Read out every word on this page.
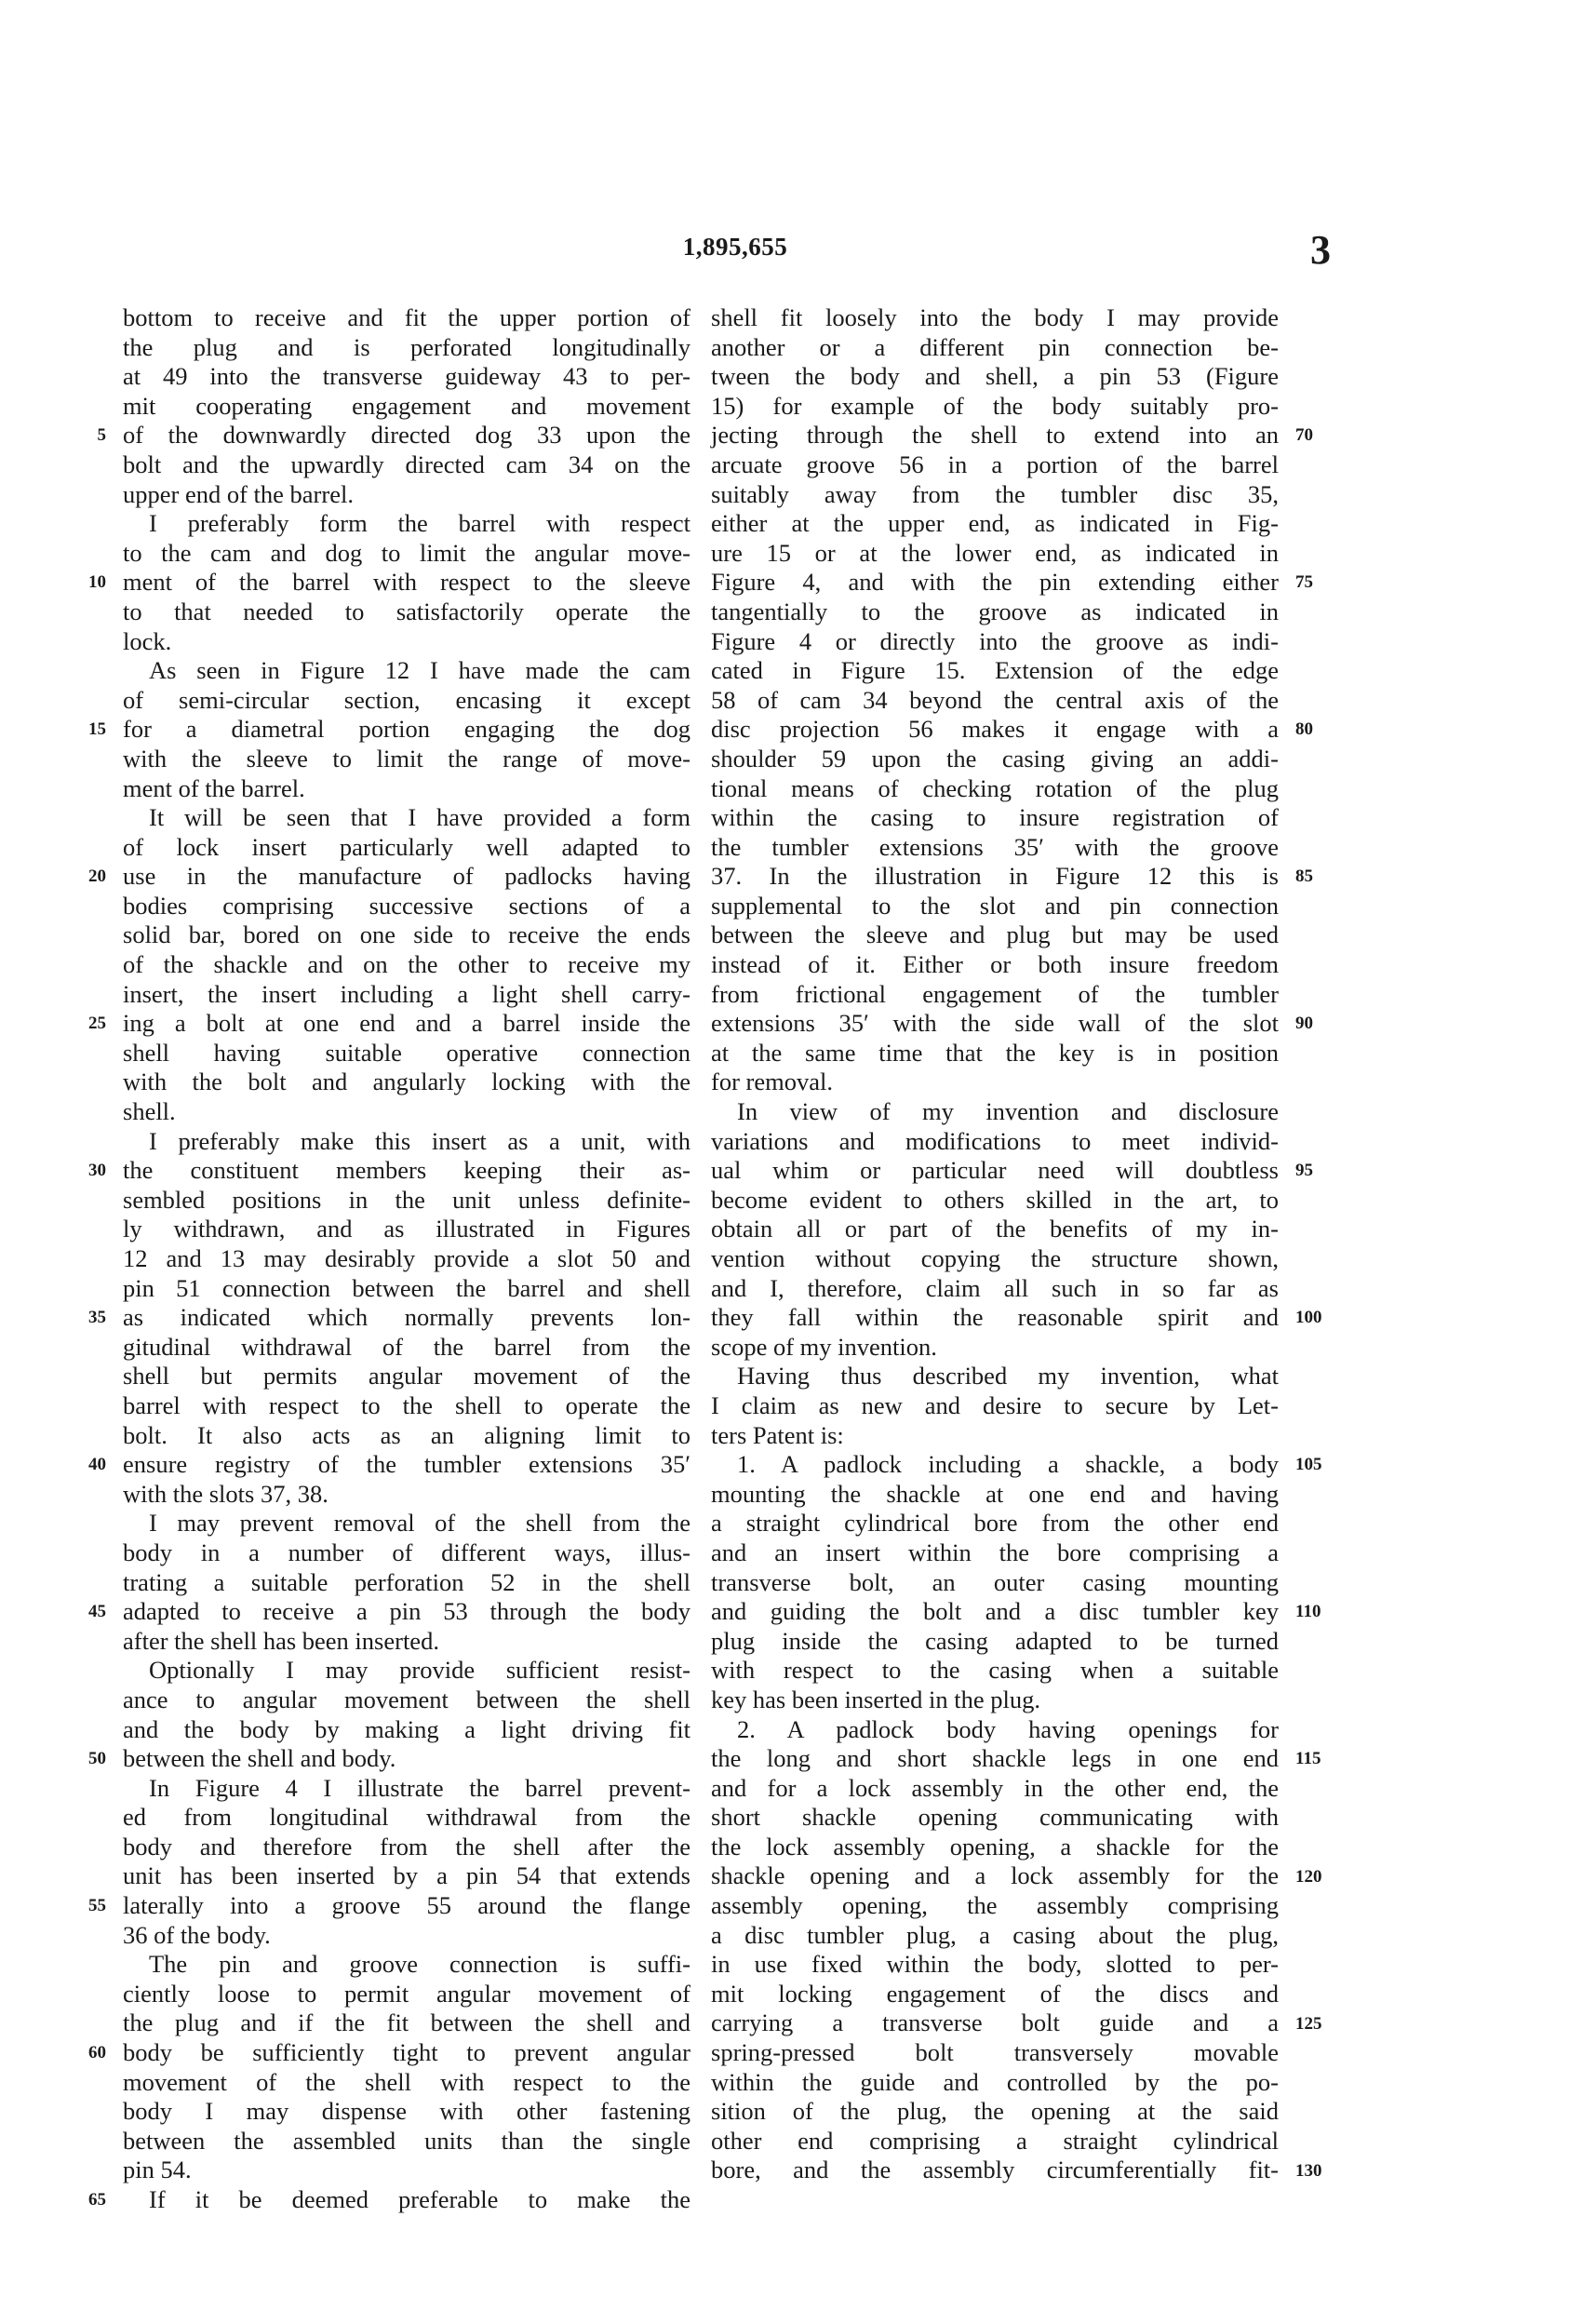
1,895,655	3
bottom to receive and fit the upper portion of
the plug and is perforated longitudinally
at 49 into the transverse guideway 43 to per-
mit cooperating engagement and movement
of the downwardly directed dog 33 upon the
bolt and the upwardly directed cam 34 on the
upper end of the barrel.
I preferably form the barrel with respect
to the cam and dog to limit the angular move-
ment of the barrel with respect to the sleeve
to that needed to satisfactorily operate the
lock.
As seen in Figure 12 I have made the cam
of semi-circular section, encasing it except
for a diametral portion engaging the dog
with the sleeve to limit the range of move-
ment of the barrel.
It will be seen that I have provided a form
of lock insert particularly well adapted to
use in the manufacture of padlocks having
bodies comprising successive sections of a
solid bar, bored on one side to receive the ends
of the shackle and on the other to receive my
insert, the insert including a light shell carry-
ing a bolt at one end and a barrel inside the
shell having suitable operative connection
with the bolt and angularly locking with the
shell.
I preferably make this insert as a unit, with
the constituent members keeping their as-
sembled positions in the unit unless definite-
ly withdrawn, and as illustrated in Figures
12 and 13 may desirably provide a slot 50 and
pin 51 connection between the barrel and shell
as indicated which normally prevents lon-
gitudinal withdrawal of the barrel from the
shell but permits angular movement of the
barrel with respect to the shell to operate the
bolt. It also acts as an aligning limit to
ensure registry of the tumbler extensions 35′
with the slots 37, 38.
I may prevent removal of the shell from the
body in a number of different ways, illus-
trating a suitable perforation 52 in the shell
adapted to receive a pin 53 through the body
after the shell has been inserted.
Optionally I may provide sufficient resist-
ance to angular movement between the shell
and the body by making a light driving fit
between the shell and body.
In Figure 4 I illustrate the barrel prevent-
ed from longitudinal withdrawal from the
body and therefore from the shell after the
unit has been inserted by a pin 54 that extends
laterally into a groove 55 around the flange
36 of the body.
The pin and groove connection is suffi-
ciently loose to permit angular movement of
the plug and if the fit between the shell and
body be sufficiently tight to prevent angular
movement of the shell with respect to the
body I may dispense with other fastening
between the assembled units than the single
pin 54.
If it be deemed preferable to make the
shell fit loosely into the body I may provide
another or a different pin connection be-
tween the body and shell, a pin 53 (Figure
15) for example of the body suitably pro-
jecting through the shell to extend into an
arcuate groove 56 in a portion of the barrel
suitably away from the tumbler disc 35,
either at the upper end, as indicated in Fig-
ure 15 or at the lower end, as indicated in
Figure 4, and with the pin extending either
tangentially to the groove as indicated in
Figure 4 or directly into the groove as indi-
cated in Figure 15. Extension of the edge
58 of cam 34 beyond the central axis of the
disc projection 56 makes it engage with a
shoulder 59 upon the casing giving an addi-
tional means of checking rotation of the plug
within the casing to insure registration of
the tumbler extensions 35′ with the groove
37. In the illustration in Figure 12 this is
supplemental to the slot and pin connection
between the sleeve and plug but may be used
instead of it. Either or both insure freedom
from frictional engagement of the tumbler
extensions 35′ with the side wall of the slot
at the same time that the key is in position
for removal.
In view of my invention and disclosure
variations and modifications to meet individ-
ual whim or particular need will doubtless
become evident to others skilled in the art, to
obtain all or part of the benefits of my in-
vention without copying the structure shown,
and I, therefore, claim all such in so far as
they fall within the reasonable spirit and
scope of my invention.
Having thus described my invention, what
I claim as new and desire to secure by Let-
ters Patent is:
1. A padlock including a shackle, a body
mounting the shackle at one end and having
a straight cylindrical bore from the other end
and an insert within the bore comprising a
transverse bolt, an outer casing mounting
and guiding the bolt and a disc tumbler key
plug inside the casing adapted to be turned
with respect to the casing when a suitable
key has been inserted in the plug.
2. A padlock body having openings for
the long and short shackle legs in one end
and for a lock assembly in the other end, the
short shackle opening communicating with
the lock assembly opening, a shackle for the
shackle opening and a lock assembly for the
assembly opening, the assembly comprising
a disc tumbler plug, a casing about the plug,
in use fixed within the body, slotted to per-
mit locking engagement of the discs and
carrying a transverse bolt guide and a
spring-pressed bolt transversely movable
within the guide and controlled by the po-
sition of the plug, the opening at the said
other end comprising a straight cylindrical
bore, and the assembly circumferentially fit-
5
10
15
20
25
30
35
40
45
50
55
60
65
70
75
80
85
90
95
100
105
110
115
120
125
130
